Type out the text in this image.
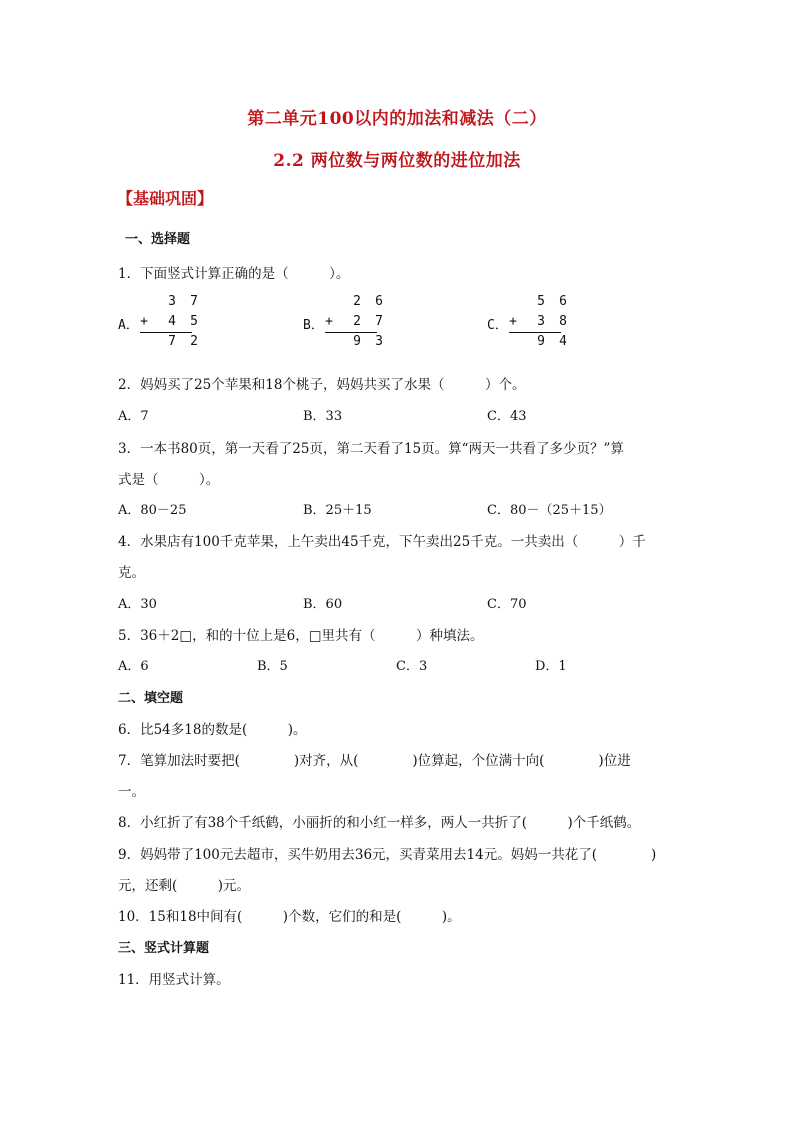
第二单元100以内的加法和减法（二）
2.2 两位数与两位数的进位加法
【基础巩固】
一、选择题
1．下面竖式计算正确的是（　　　）。
A．
3 7
+ 4 5
7 2
B．
2 6
+ 2 7
9 3
C．
5 6
+ 3 8
9 4
2．妈妈买了25个苹果和18个桃子，妈妈共买了水果（　　　）个。
A．7	B．33	C．43
3．一本书80页，第一天看了25页，第二天看了15页。算“两天一共看了多少页？”算
式是（　　　）。
A．80－25	B．25＋15	C．80－（25＋15）
4．水果店有100千克苹果，上午卖出45千克，下午卖出25千克。一共卖出（　　　）千
克。
A．30	B．60	C．70
5．36＋2□，和的十位上是6，□里共有（　　　）种填法。
A．6	B．5	C．3	D．1
二、填空题
6．比54多18的数是(　　　)。
7．笔算加法时要把(　　　　)对齐，从(　　　　)位算起，个位满十向(　　　　)位进
一。
8．小红折了有38个千纸鹤，小丽折的和小红一样多，两人一共折了(　　　)个千纸鹤。
9．妈妈带了100元去超市，买牛奶用去36元，买青菜用去14元。妈妈一共花了(　　　　)
元，还剩(　　　)元。
10．15和18中间有(　　　)个数，它们的和是(　　　)。
三、竖式计算题
11．用竖式计算。
